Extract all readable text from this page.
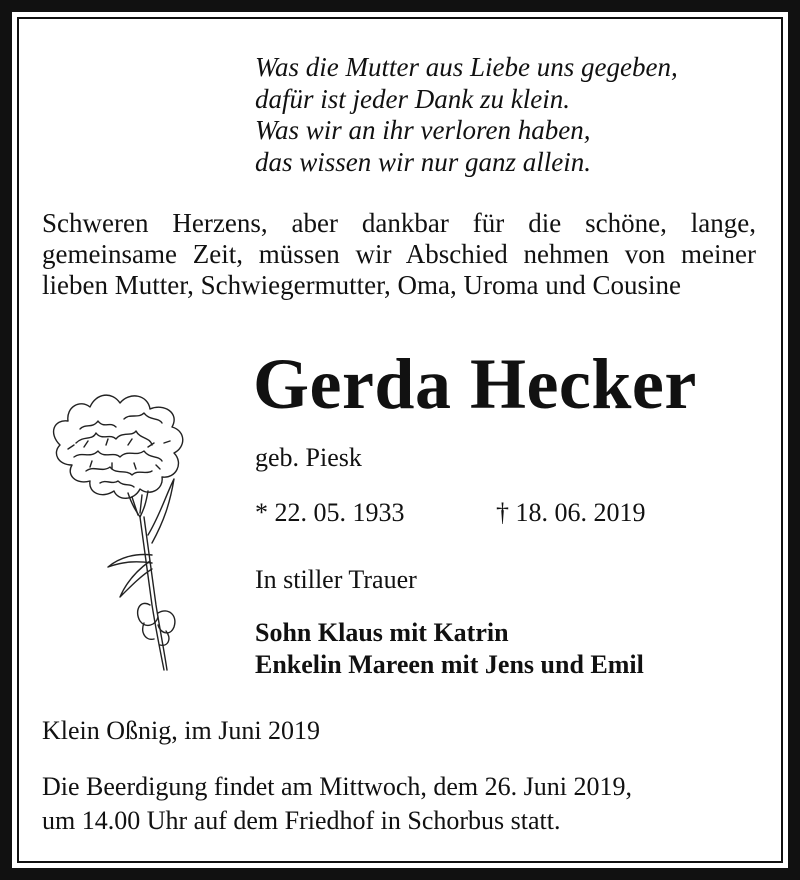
Was die Mutter aus Liebe uns gegeben,
dafür ist jeder Dank zu klein.
Was wir an ihr verloren haben,
das wissen wir nur ganz allein.
Schweren Herzens, aber dankbar für die schöne, lange, gemeinsame Zeit, müssen wir Abschied nehmen von meiner lieben Mutter, Schwiegermutter, Oma, Uroma und Cousine
Gerda Hecker
geb. Piesk
* 22. 05. 1933	† 18. 06. 2019
In stiller Trauer
Sohn Klaus mit Katrin
Enkelin Mareen mit Jens und Emil
Klein Oßnig, im Juni 2019
Die Beerdigung findet am Mittwoch, dem 26. Juni 2019,
um 14.00 Uhr auf dem Friedhof in Schorbus statt.
